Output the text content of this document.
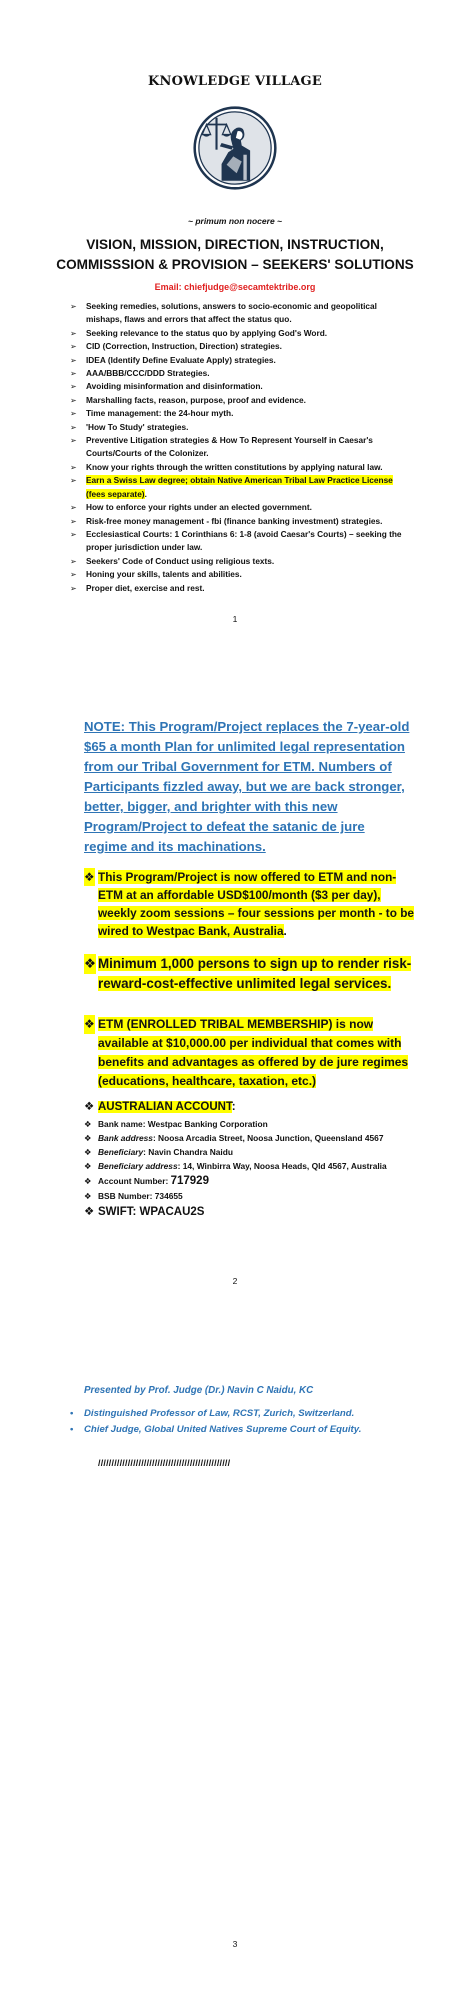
KNOWLEDGE VILLAGE
~ primum non nocere ~
VISION, MISSION, DIRECTION, INSTRUCTION,
COMMISSSION & PROVISION – SEEKERS' SOLUTIONS
Email: chiefjudge@secamtektribe.org
➢ Seeking remedies, solutions, answers to socio-economic and geopolitical mishaps, flaws and errors that affect the status quo.
➢ Seeking relevance to the status quo by applying God's Word.
➢ CID (Correction, Instruction, Direction) strategies.
➢ IDEA (Identify Define Evaluate Apply) strategies.
➢ AAA/BBB/CCC/DDD Strategies.
➢ Avoiding misinformation and disinformation.
➢ Marshalling facts, reason, purpose, proof and evidence.
➢ Time management: the 24-hour myth.
➢ 'How To Study' strategies.
➢ Preventive Litigation strategies & How To Represent Yourself in Caesar's Courts/Courts of the Colonizer.
➢ Know your rights through the written constitutions by applying natural law.
➢ Earn a Swiss Law degree; obtain Native American Tribal Law Practice License (fees separate).
➢ How to enforce your rights under an elected government.
➢ Risk-free money management - fbi (finance banking investment) strategies.
➢ Ecclesiastical Courts: 1 Corinthians 6: 1-8 (avoid Caesar's Courts) – seeking the proper jurisdiction under law.
➢ Seekers' Code of Conduct using religious texts.
➢ Honing your skills, talents and abilities.
➢ Proper diet, exercise and rest.
1
NOTE: This Program/Project replaces the 7-year-old $65 a month Plan for unlimited legal representation from our Tribal Government for ETM. Numbers of Participants fizzled away, but we are back stronger, better, bigger, and brighter with this new Program/Project to defeat the satanic de jure regime and its machinations.
❖ This Program/Project is now offered to ETM and non-ETM at an affordable USD$100/month ($3 per day), weekly zoom sessions – four sessions per month - to be wired to Westpac Bank, Australia.
❖ Minimum 1,000 persons to sign up to render risk-reward-cost-effective unlimited legal services.
❖ ETM (ENROLLED TRIBAL MEMBERSHIP) is now available at $10,000.00 per individual that comes with benefits and advantages as offered by de jure regimes (educations, healthcare, taxation, etc.)
❖ AUSTRALIAN ACCOUNT:
❖ Bank name: Westpac Banking Corporation
❖ Bank address: Noosa Arcadia Street, Noosa Junction, Queensland 4567
❖ Beneficiary: Navin Chandra Naidu
❖ Beneficiary address: 14, Winbirra Way, Noosa Heads, Qld 4567, Australia
❖ Account Number: 717929
❖ BSB Number: 734655
❖ SWIFT: WPACAU2S
2
Presented by Prof. Judge (Dr.) Navin C Naidu, KC
• Distinguished Professor of Law, RCST, Zurich, Switzerland.
• Chief Judge, Global United Natives Supreme Court of Equity.
/////////////////////////////////////////////////
3
